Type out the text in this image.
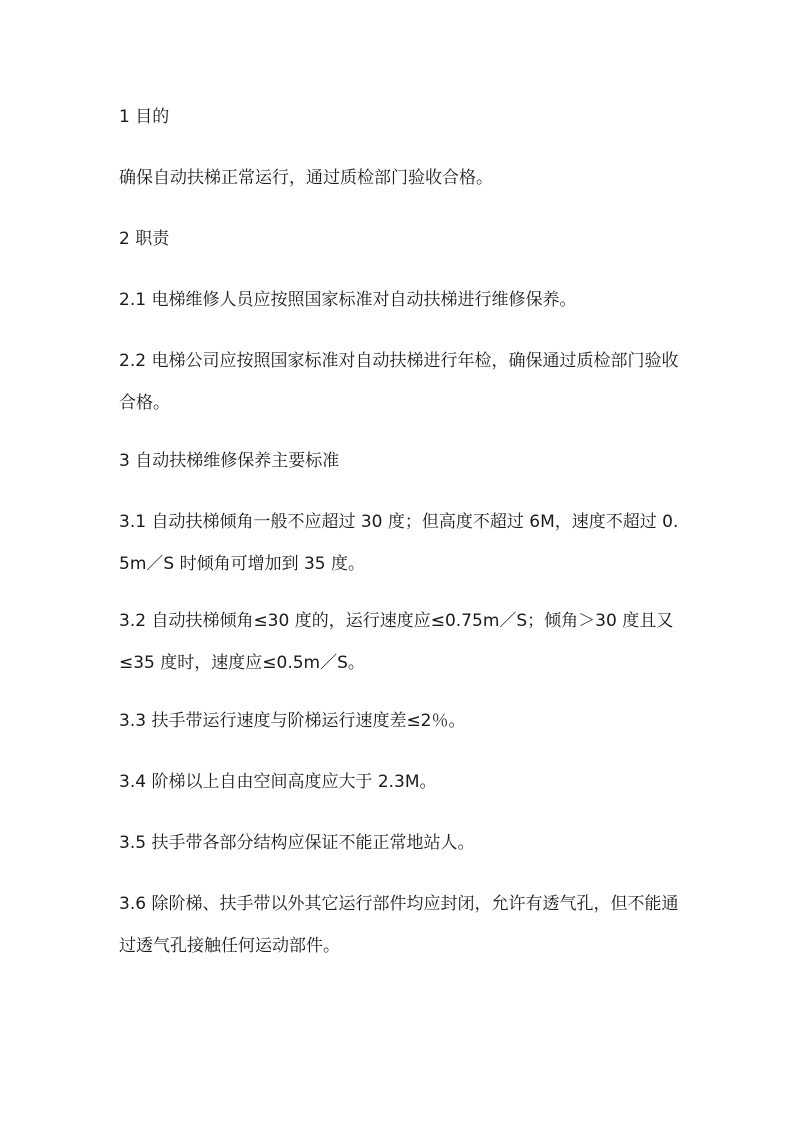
1 目的

确保自动扶梯正常运行，通过质检部门验收合格。

2 职责

2.1 电梯维修人员应按照国家标准对自动扶梯进行维修保养。

2.2 电梯公司应按照国家标准对自动扶梯进行年检，确保通过质检部门验收合格。

3 自动扶梯维修保养主要标准

3.1 自动扶梯倾角一般不应超过 30 度；但高度不超过 6M，速度不超过 0.5m／S 时倾角可增加到 35 度。

3.2 自动扶梯倾角≤30 度的，运行速度应≤0.75m／S；倾角＞30 度且又≤35 度时，速度应≤0.5m／S。

3.3 扶手带运行速度与阶梯运行速度差≤2％。

3.4 阶梯以上自由空间高度应大于 2.3M。

3.5 扶手带各部分结构应保证不能正常地站人。

3.6 除阶梯、扶手带以外其它运行部件均应封闭，允许有透气孔，但不能通过透气孔接触任何运动部件。
